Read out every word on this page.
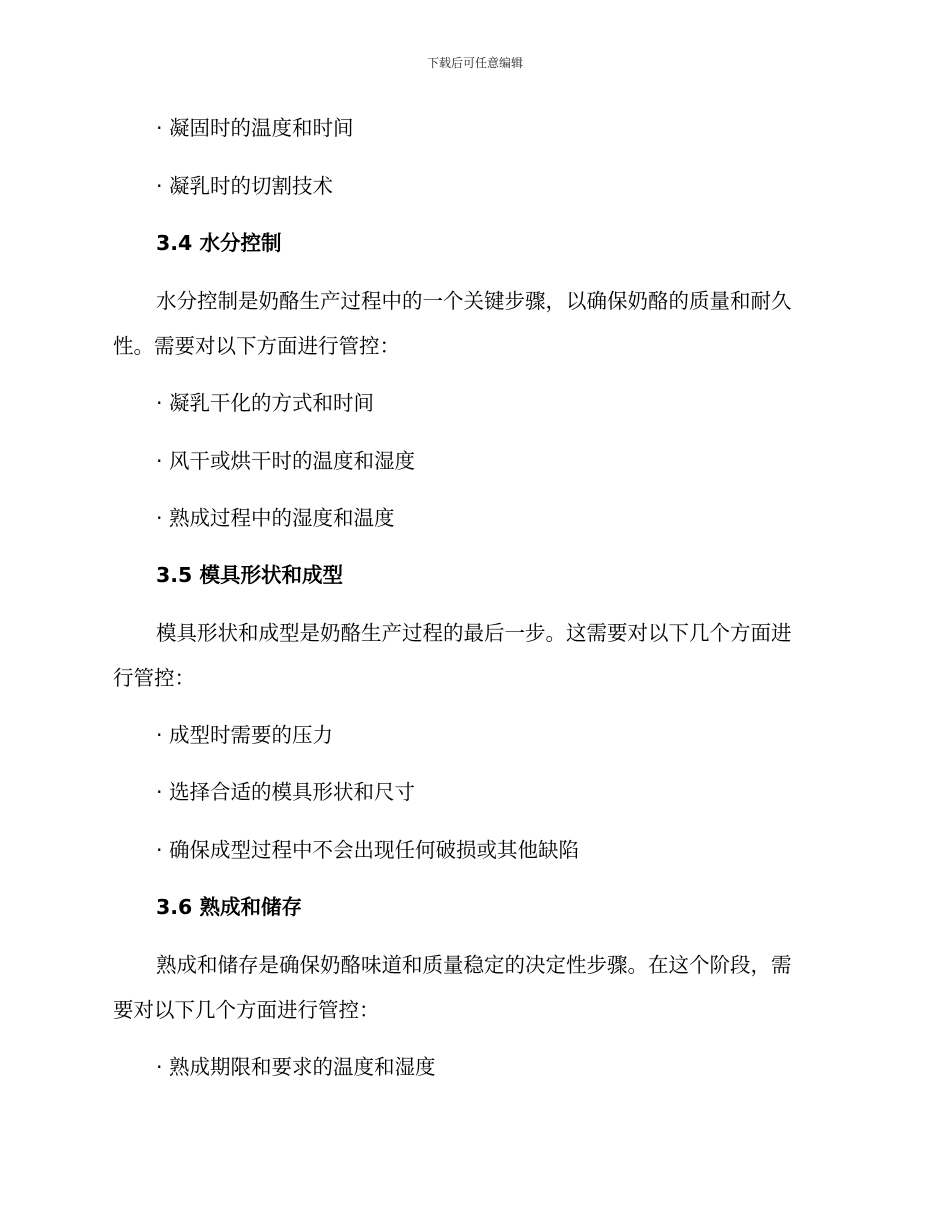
下载后可任意编辑
· 凝固时的温度和时间
· 凝乳时的切割技术
3.4 水分控制
水分控制是奶酪生产过程中的一个关键步骤，以确保奶酪的质量和耐久
性。需要对以下方面进行管控：
· 凝乳干化的方式和时间
· 风干或烘干时的温度和湿度
· 熟成过程中的湿度和温度
3.5 模具形状和成型
模具形状和成型是奶酪生产过程的最后一步。这需要对以下几个方面进
行管控：
· 成型时需要的压力
· 选择合适的模具形状和尺寸
· 确保成型过程中不会出现任何破损或其他缺陷
3.6 熟成和储存
熟成和储存是确保奶酪味道和质量稳定的决定性步骤。在这个阶段，需
要对以下几个方面进行管控：
· 熟成期限和要求的温度和湿度
